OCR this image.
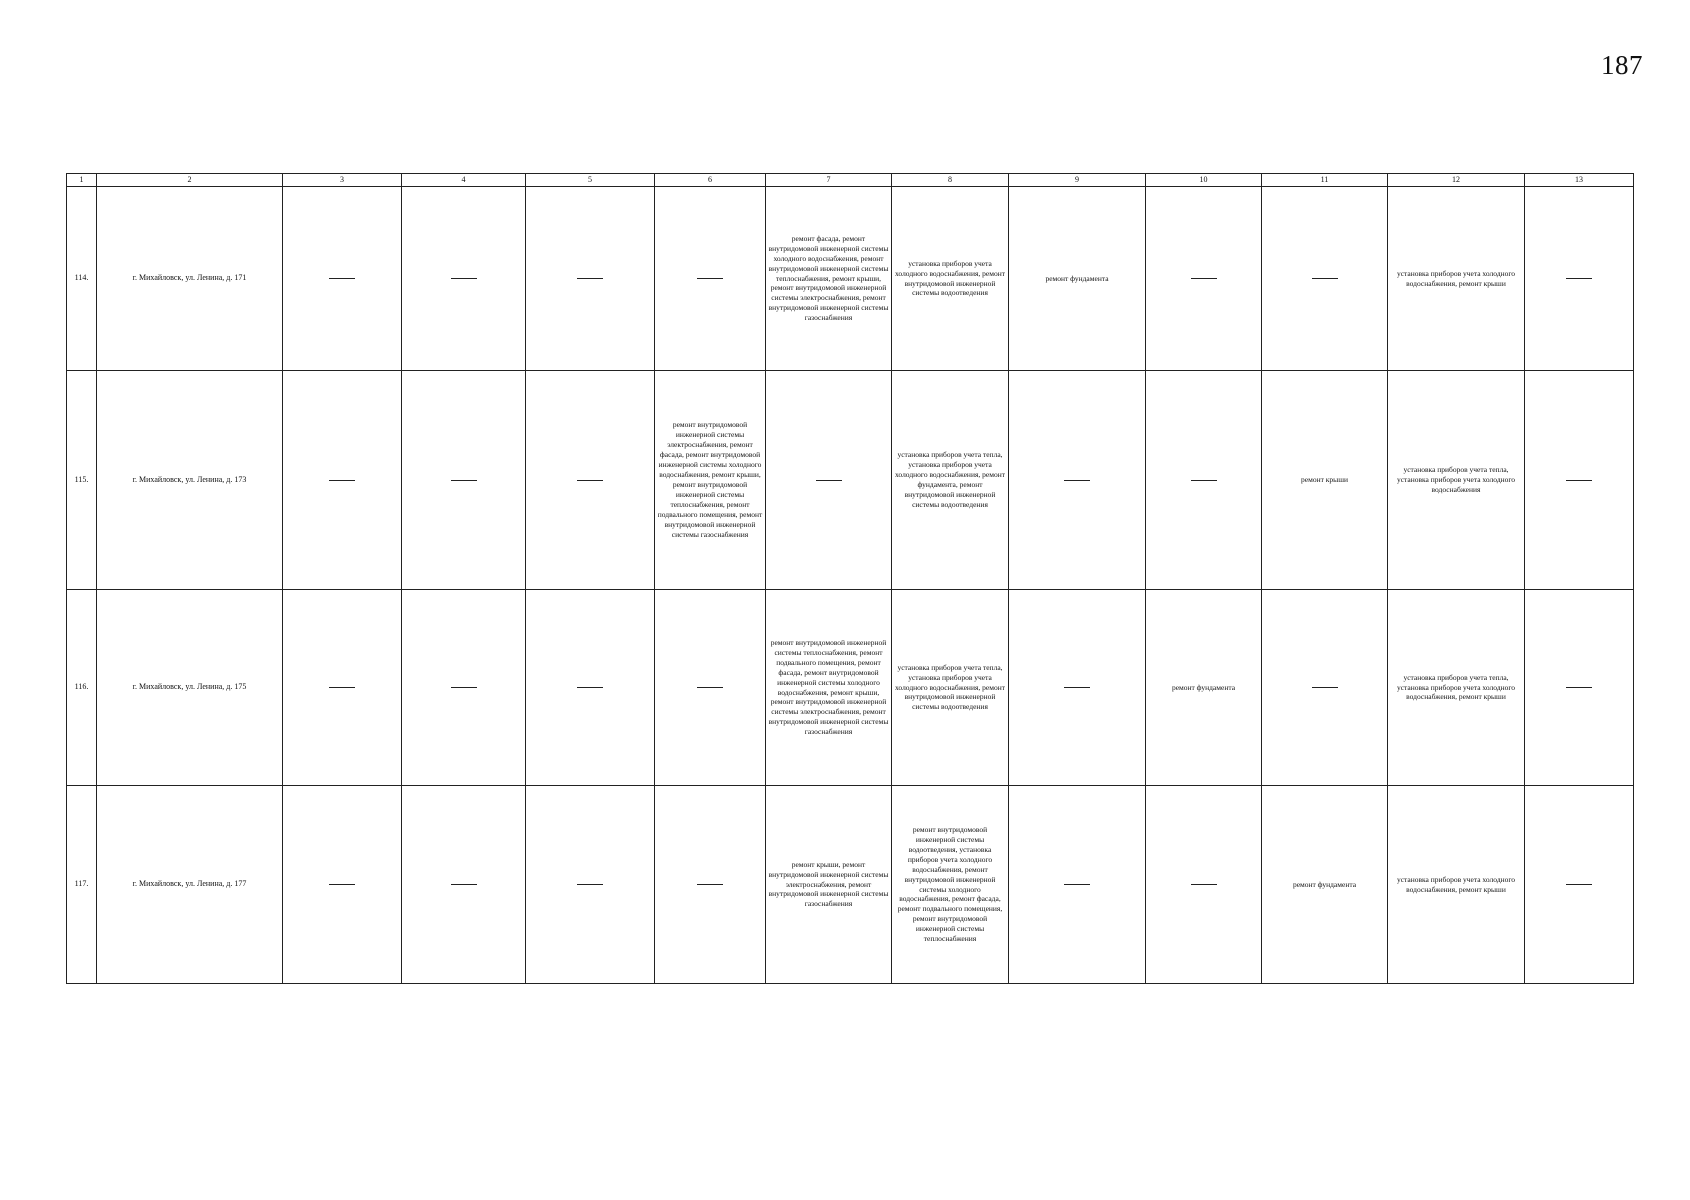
187
1	2	3	4	5	6	7	8	9	10	11	12	13
114.	г. Михайловск, ул. Ленина, д. 171					ремонт фасада, ремонт внутридомовой инженерной системы холодного водоснабжения, ремонт внутридомовой инженерной системы теплоснабжения, ремонт крыши, ремонт внутридомовой инженерной системы электроснабжения, ремонт внутридомовой инженерной системы газоснабжения	установка приборов учета холодного водоснабжения, ремонт внутридомовой инженерной системы водоотведения	ремонт фундамента			установка приборов учета холодного водоснабжения, ремонт крыши	
115.	г. Михайловск, ул. Ленина, д. 173				ремонт внутридомовой инженерной системы электроснабжения, ремонт фасада, ремонт внутридомовой инженерной системы холодного водоснабжения, ремонт крыши, ремонт внутридомовой инженерной системы теплоснабжения, ремонт подвального помещения, ремонт внутридомовой инженерной системы газоснабжения		установка приборов учета тепла, установка приборов учета холодного водоснабжения, ремонт фундамента, ремонт внутридомовой инженерной системы водоотведения			ремонт крыши	установка приборов учета тепла, установка приборов учета холодного водоснабжения	
116.	г. Михайловск, ул. Ленина, д. 175					ремонт внутридомовой инженерной системы теплоснабжения, ремонт подвального помещения, ремонт фасада, ремонт внутридомовой инженерной системы холодного водоснабжения, ремонт крыши, ремонт внутридомовой инженерной системы электроснабжения, ремонт внутридомовой инженерной системы газоснабжения	установка приборов учета тепла, установка приборов учета холодного водоснабжения, ремонт внутридомовой инженерной системы водоотведения		ремонт фундамента		установка приборов учета тепла, установка приборов учета холодного водоснабжения, ремонт крыши	
117.	г. Михайловск, ул. Ленина, д. 177					ремонт крыши, ремонт внутридомовой инженерной системы электроснабжения, ремонт внутридомовой инженерной системы газоснабжения	ремонт внутридомовой инженерной системы водоотведения, установка приборов учета холодного водоснабжения, ремонт внутридомовой инженерной системы холодного водоснабжения, ремонт фасада, ремонт подвального помещения, ремонт внутридомовой инженерной системы теплоснабжения			ремонт фундамента	установка приборов учета холодного водоснабжения, ремонт крыши	
